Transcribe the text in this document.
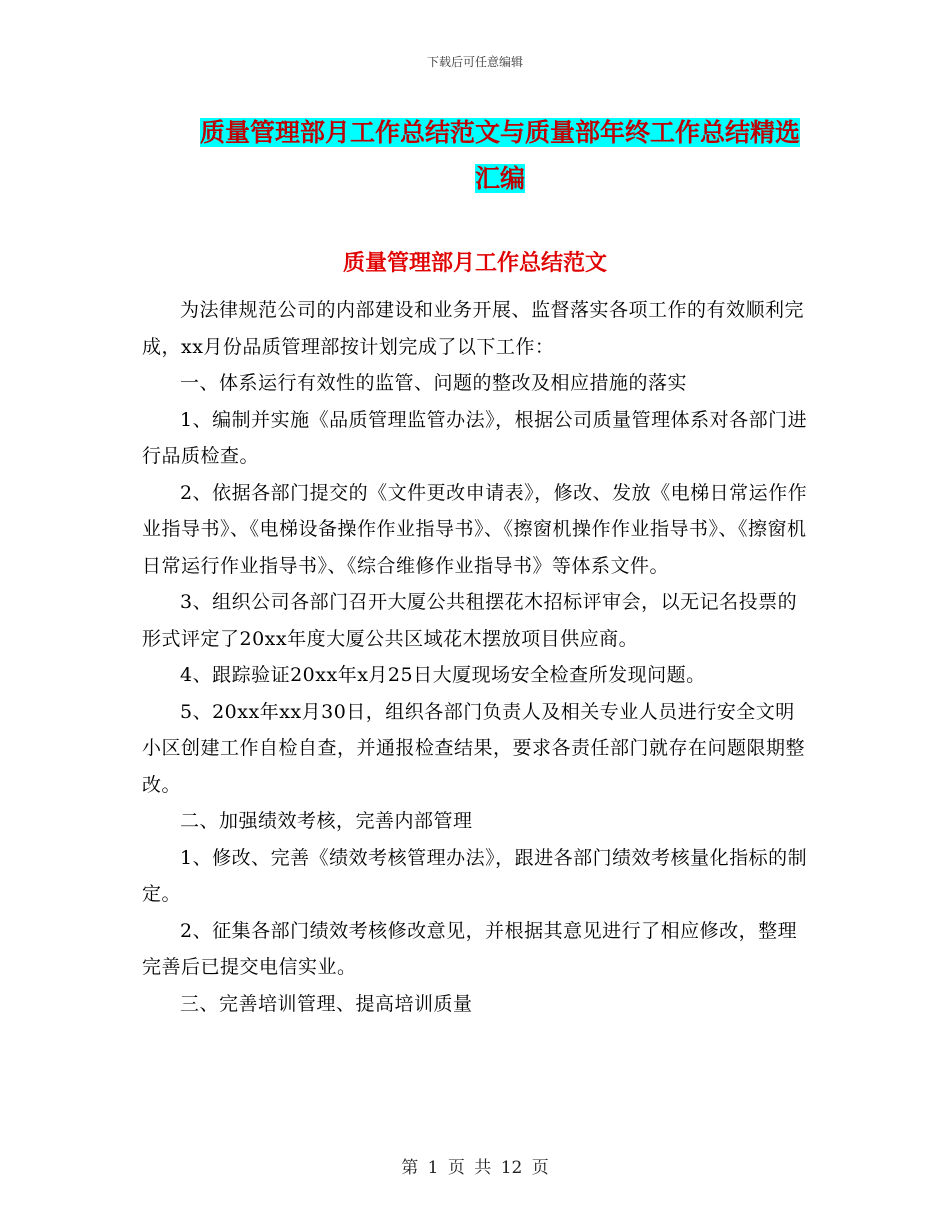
下载后可任意编辑
质量管理部月工作总结范文与质量部年终工作总结精选汇编
质量管理部月工作总结范文

为法律规范公司的内部建设和业务开展、监督落实各项工作的有效顺利完成，xx月份品质管理部按计划完成了以下工作：

一、体系运行有效性的监管、问题的整改及相应措施的落实

1、编制并实施《品质管理监管办法》，根据公司质量管理体系对各部门进行品质检查。

2、依据各部门提交的《文件更改申请表》，修改、发放《电梯日常运作作业指导书》、《电梯设备操作作业指导书》、《擦窗机操作作业指导书》、《擦窗机日常运行作业指导书》、《综合维修作业指导书》等体系文件。

3、组织公司各部门召开大厦公共租摆花木招标评审会，以无记名投票的形式评定了20xx年度大厦公共区域花木摆放项目供应商。

4、跟踪验证20xx年x月25日大厦现场安全检查所发现问题。

5、20xx年xx月30日，组织各部门负责人及相关专业人员进行安全文明小区创建工作自检自查，并通报检查结果，要求各责任部门就存在问题限期整改。

二、加强绩效考核，完善内部管理

1、修改、完善《绩效考核管理办法》，跟进各部门绩效考核量化指标的制定。

2、征集各部门绩效考核修改意见，并根据其意见进行了相应修改，整理完善后已提交电信实业。

三、完善培训管理、提高培训质量

第 1 页 共 12 页
